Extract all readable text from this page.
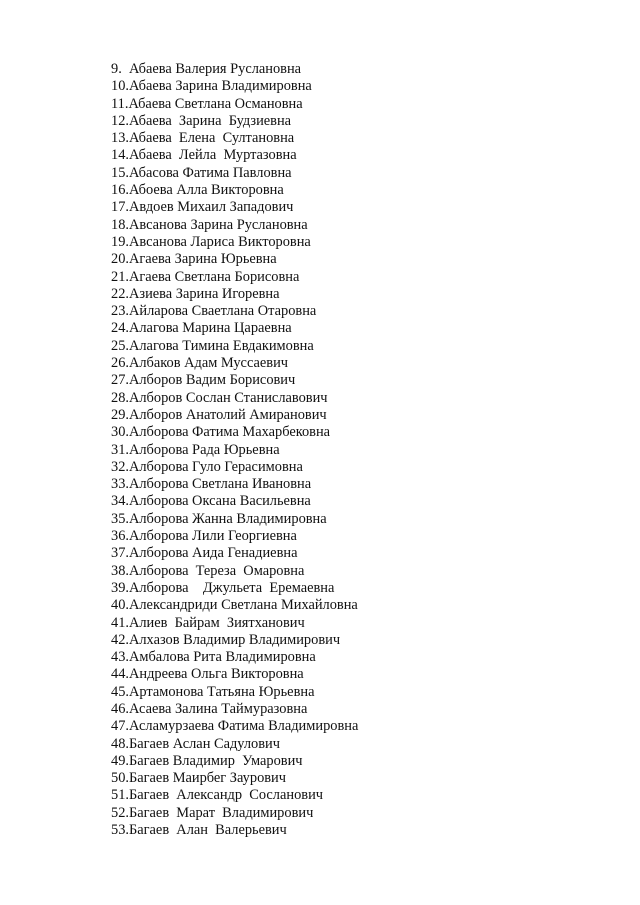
9.  Абаева Валерия Руслановна
10.Абаева Зарина Владимировна
11.Абаева Светлана Османовна
12.Абаева  Зарина  Будзиевна
13.Абаева  Елена  Султановна
14.Абаева  Лейла  Муртазовна
15.Абасова Фатима Павловна
16.Абоева Алла Викторовна
17.Авдоев Михаил Западович
18.Авсанова Зарина Руслановна
19.Авсанова Лариса Викторовна
20.Агаева Зарина Юрьевна
21.Агаева Светлана Борисовна
22.Азиева Зарина Игоревна
23.Айларова Сваетлана Отаровна
24.Алагова Марина Цараевна
25.Алагова Тимина Евдакимовна
26.Албаков Адам Муссаевич
27.Алборов Вадим Борисович
28.Алборов Сослан Станиславович
29.Алборов Анатолий Амиранович
30.Алборова Фатима Махарбековна
31.Алборова Рада Юрьевна
32.Алборова Гуло Герасимовна
33.Алборова Светлана Ивановна
34.Алборова Оксана Васильевна
35.Алборова Жанна Владимировна
36.Алборова Лили Георгиевна
37.Алборова Аида Генадиевна
38.Алборова  Тереза  Омаровна
39.Алборова    Джульета  Еремаевна
40.Александриди Светлана Михайловна
41.Алиев  Байрам  Зиятханович
42.Алхазов Владимир Владимирович
43.Амбалова Рита Владимировна
44.Андреева Ольга Викторовна
45.Артамонова Татьяна Юрьевна
46.Асаева Залина Таймуразовна
47.Асламурзаева Фатима Владимировна
48.Багаев Аслан Садулович
49.Багаев Владимир  Умарович
50.Багаев Маирбег Заурович
51.Багаев  Александр  Сосланович
52.Багаев  Марат  Владимирович
53.Багаев  Алан  Валерьевич
